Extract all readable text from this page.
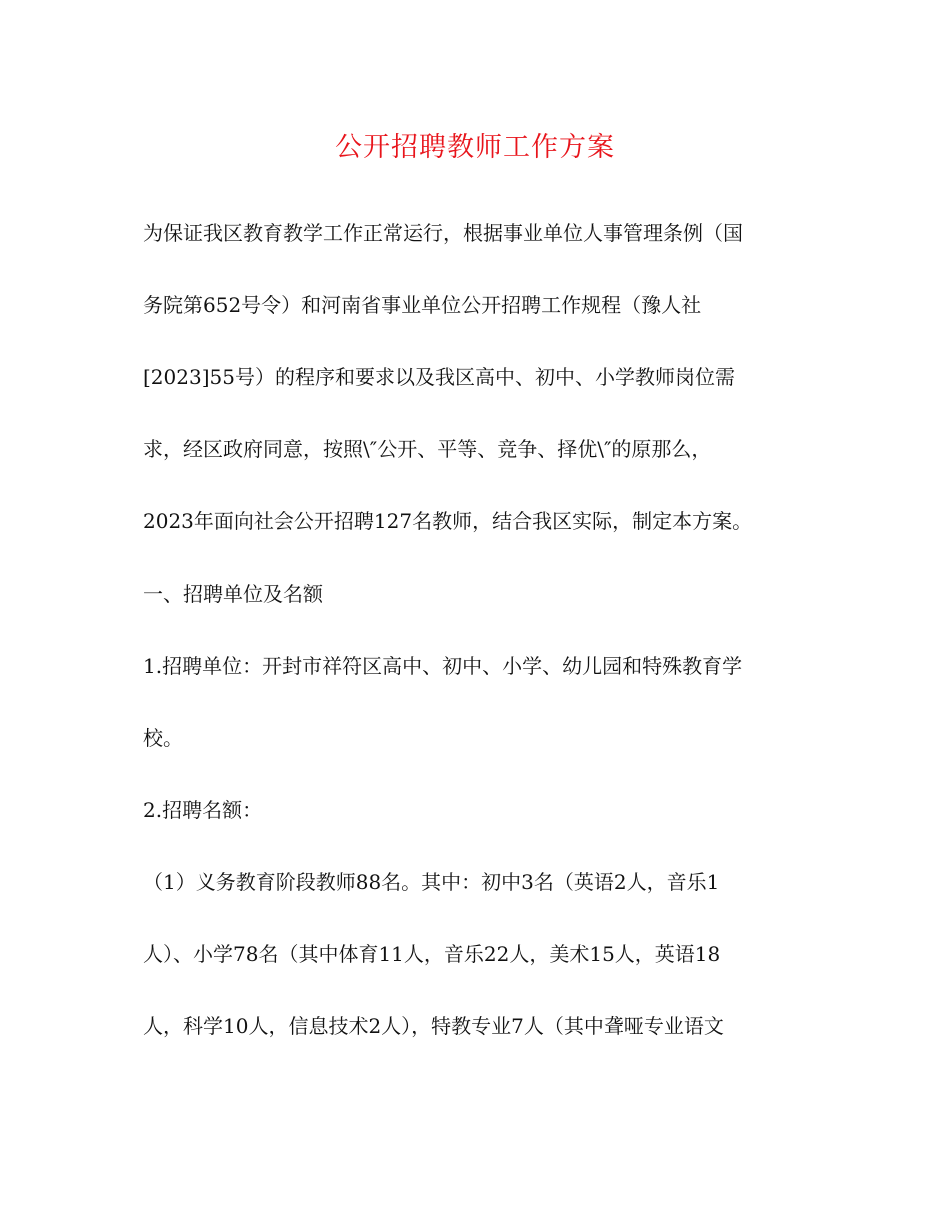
公开招聘教师工作方案
为保证我区教育教学工作正常运行，根据事业单位人事管理条例（国
务院第652号令）和河南省事业单位公开招聘工作规程（豫人社
[2023]55号）的程序和要求以及我区高中、初中、小学教师岗位需
求，经区政府同意，按照\″公开、平等、竞争、择优\″的原那么，
2023年面向社会公开招聘127名教师，结合我区实际，制定本方案。
一、招聘单位及名额
1.招聘单位：开封市祥符区高中、初中、小学、幼儿园和特殊教育学
校。
2.招聘名额：
（1）义务教育阶段教师88名。其中：初中3名（英语2人，音乐1
人）、小学78名（其中体育11人，音乐22人，美术15人，英语18
人，科学10人，信息技术2人），特教专业7人（其中聋哑专业语文
